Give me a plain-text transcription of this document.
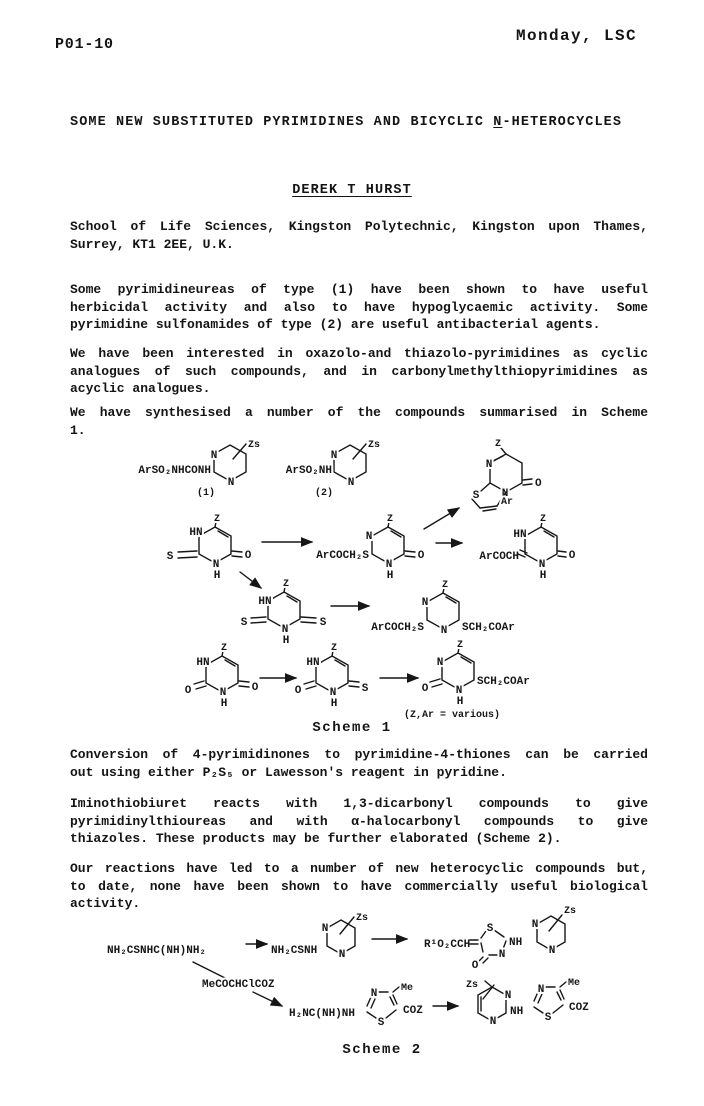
P01-10	Monday, LSC
SOME NEW SUBSTITUTED PYRIMIDINES AND BICYCLIC N-HETEROCYCLES
DEREK T HURST
School of Life Sciences, Kingston Polytechnic, Kingston upon Thames,
Surrey, KT1 2EE, U.K.
Some pyrimidineureas of type (1) have been shown to have useful
herbicidal activity and also to have hypoglycaemic activity. Some
pyrimidine sulfonamides of type (2) are useful antibacterial agents.
We have been interested in oxazolo-and thiazolo-pyrimidines as cyclic
analogues of such compounds, and in carbonylmethylthiopyrimidines as
acyclic analogues.
We have synthesised a number of the compounds summarised in Scheme
1.
Zs
N
N
ArSO₂NHCONH
(1)
Zs
N
N
ArSO₂NH
(2)
Z
N
N
O
S
Ar
Z
HN
S
N
H
O	ArCOCH₂S
Z
N
N
H
O	ArCOCH
Z
HN
N
H
O
Z
HN
S	S
N
H
ArCOCH₂S
Z
N
N SCH₂COAr
Z
HN
O	N
H
O
Z
HN
O	N
H
S
Z
N
O N
H
SCH₂COAr
(Z,Ar = various)
Scheme 1
Conversion of 4-pyrimidinones to pyrimidine-4-thiones can be carried
out using either P₂S₅ or Lawesson's reagent in pyridine.
Iminothiobiuret reacts with 1,3-dicarbonyl compounds to give
pyrimidinylthioureas and with α-halocarbonyl compounds to give
thiazoles. These products may be further elaborated (Scheme 2).
Our reactions have led to a number of new heterocyclic compounds but,
to date, none have been shown to have commercially useful biological
activity.
NH₂CSNHC(NH)NH₂	NH₂CSNH
Zs
N
N
R¹O₂CCH
S
N
O
NH
Zs
N
N
MeCOCHClCOZ
H₂NC(NH)NH
N
S
Me
COZ
Zs
N
N
NH
N
S
Me
COZ
Scheme 2
